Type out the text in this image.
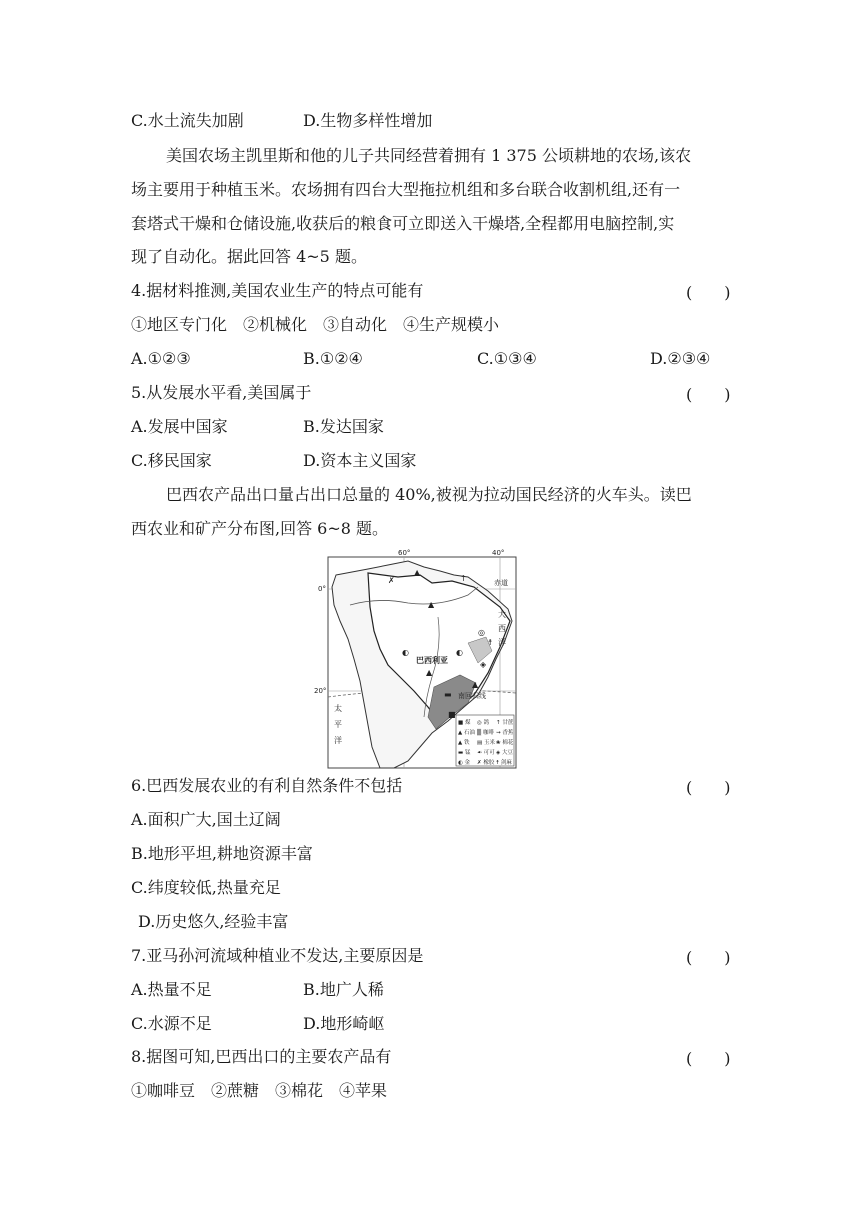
C.水土流失加剧	D.生物多样性增加
美国农场主凯里斯和他的儿子共同经营着拥有 1 375 公顷耕地的农场,该农
场主要用于种植玉米。农场拥有四台大型拖拉机组和多台联合收割机组,还有一
套塔式干燥和仓储设施,收获后的粮食可立即送入干燥塔,全程都用电脑控制,实
现了自动化。据此回答 4~5 题。
4.据材料推测,美国农业生产的特点可能有	(　　)
①地区专门化　②机械化　③自动化　④生产规模小
A.①②③	B.①②④	C.①③④	D.②③④
5.从发展水平看,美国属于	(　　)
A.发展中国家	B.发达国家
C.移民国家	D.资本主义国家
巴西农产品出口量占出口总量的 40%,被视为拉动国民经济的火车头。读巴
西农业和矿产分布图,回答 6~8 题。
▲
↑
✗
▲
◐	◐
◎
☨
▲
◈
▲
▬
■
60°	40°
0°
20°
赤道
南回归线
巴西利亚
大
西
洋
太
平
洋
■ 煤 ◎ 鸽 ↑ 甘蔗
▲ 石油 ▒ 咖啡 ⇝ 香蕉
▲ 铁 ▤ 玉米 ❀ 棉花
▬ 锰 ☙ 可可 ◈ 大豆
◐ 金 ✗ 橡胶 ☨ 剑麻
6.巴西发展农业的有利自然条件不包括	(　　)
A.面积广大,国土辽阔
B.地形平坦,耕地资源丰富
C.纬度较低,热量充足
D.历史悠久,经验丰富
7.亚马孙河流域种植业不发达,主要原因是	(　　)
A.热量不足	B.地广人稀
C.水源不足	D.地形崎岖
8.据图可知,巴西出口的主要农产品有	(　　)
①咖啡豆　②蔗糖　③棉花　④苹果
